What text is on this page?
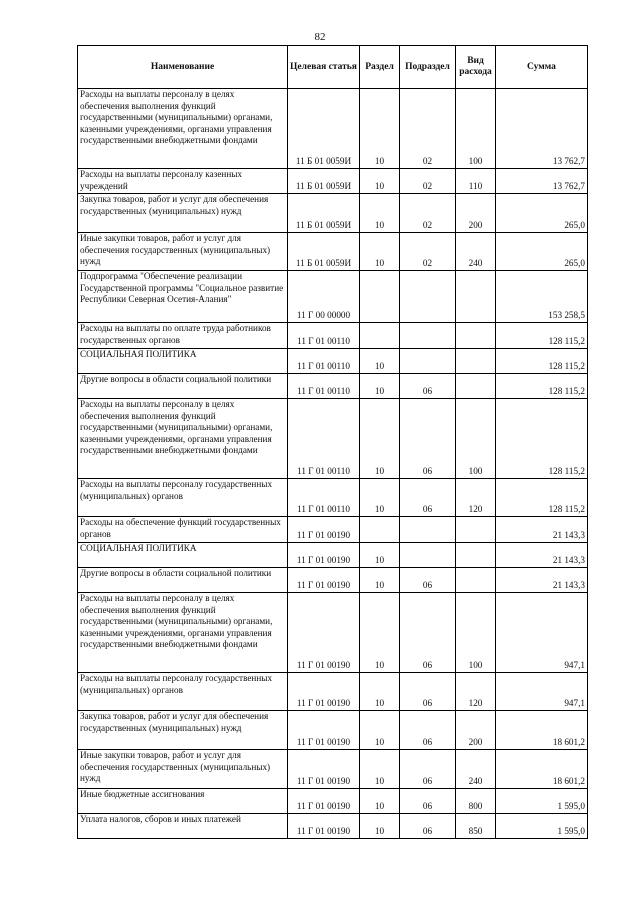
82
Наименование	Целевая статья	Раздел	Подраздел	Вид расхода	Сумма
Расходы на выплаты персоналу в целях обеспечения выполнения функций государственными (муниципальными) органами, казенными учреждениями, органами управления государственными внебюджетными фондами	11 Б 01 0059И	10	02	100	13 762,7
Расходы на выплаты персоналу казенных учреждений	11 Б 01 0059И	10	02	110	13 762,7
Закупка товаров, работ и услуг для обеспечения государственных (муниципальных) нужд	11 Б 01 0059И	10	02	200	265,0
Иные закупки товаров, работ и услуг для обеспечения государственных (муниципальных) нужд	11 Б 01 0059И	10	02	240	265,0
Подпрограмма "Обеспечение реализации Государственной программы "Социальное развитие Республики Северная Осетия-Алания"	11 Г 00 00000				153 258,5
Расходы на выплаты по оплате труда работников государственных органов	11 Г 01 00110				128 115,2
СОЦИАЛЬНАЯ ПОЛИТИКА	11 Г 01 00110	10			128 115,2
Другие вопросы в области социальной политики	11 Г 01 00110	10	06		128 115,2
Расходы на выплаты персоналу в целях обеспечения выполнения функций государственными (муниципальными) органами, казенными учреждениями, органами управления государственными внебюджетными фондами	11 Г 01 00110	10	06	100	128 115,2
Расходы на выплаты персоналу государственных (муниципальных) органов	11 Г 01 00110	10	06	120	128 115,2
Расходы на обеспечение функций государственных органов	11 Г 01 00190				21 143,3
СОЦИАЛЬНАЯ ПОЛИТИКА	11 Г 01 00190	10			21 143,3
Другие вопросы в области социальной политики	11 Г 01 00190	10	06		21 143,3
Расходы на выплаты персоналу в целях обеспечения выполнения функций государственными (муниципальными) органами, казенными учреждениями, органами управления государственными внебюджетными фондами	11 Г 01 00190	10	06	100	947,1
Расходы на выплаты персоналу государственных (муниципальных) органов	11 Г 01 00190	10	06	120	947,1
Закупка товаров, работ и услуг для обеспечения государственных (муниципальных) нужд	11 Г 01 00190	10	06	200	18 601,2
Иные закупки товаров, работ и услуг для обеспечения государственных (муниципальных) нужд	11 Г 01 00190	10	06	240	18 601,2
Иные бюджетные ассигнования	11 Г 01 00190	10	06	800	1 595,0
Уплата налогов, сборов и иных платежей	11 Г 01 00190	10	06	850	1 595,0
